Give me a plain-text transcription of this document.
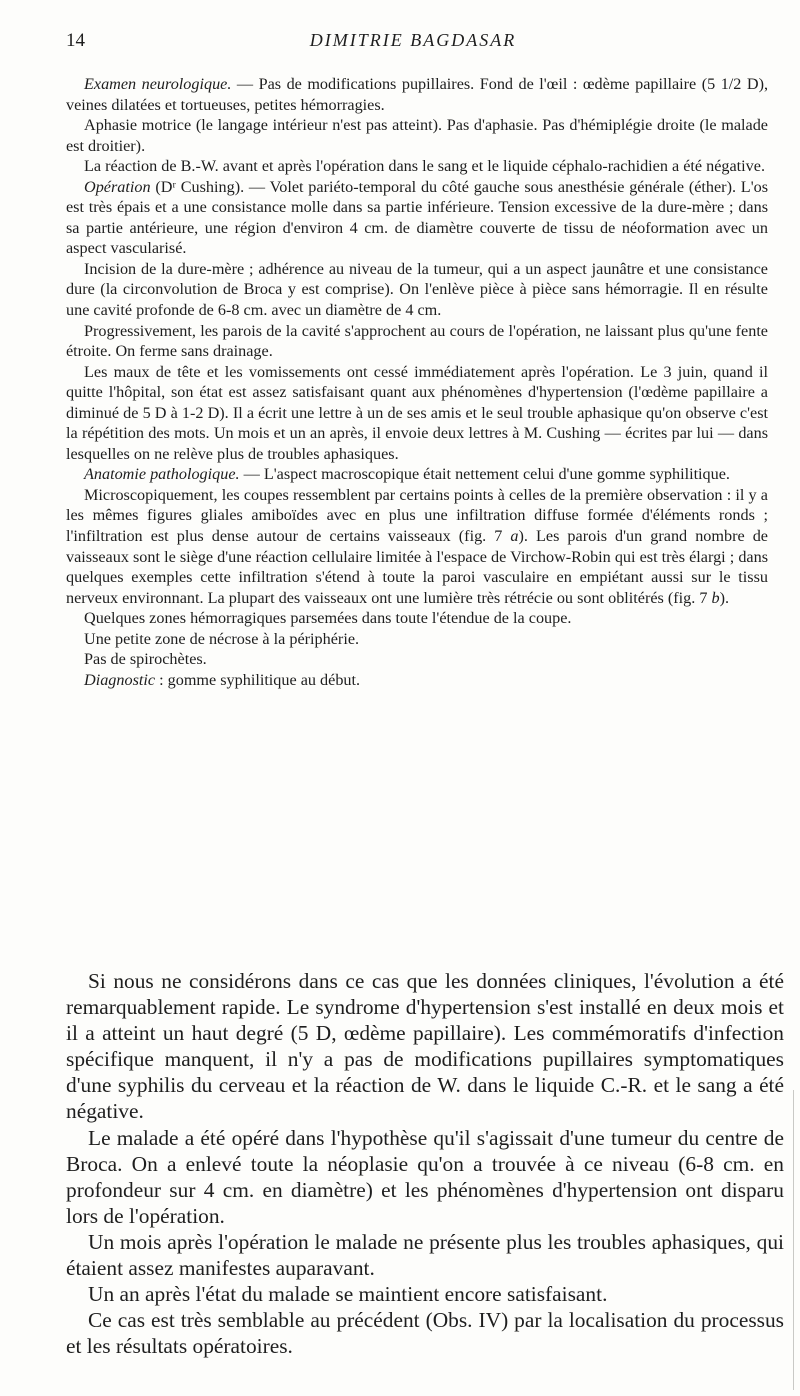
14	DIMITRIE BAGDASAR

Examen neurologique. — Pas de modifications pupillaires. Fond de l'œil : œdème papillaire (5 1/2 D), veines dilatées et tortueuses, petites hémorragies.

Aphasie motrice (le langage intérieur n'est pas atteint). Pas d'aphasie. Pas d'hémiplégie droite (le malade est droitier).

La réaction de B.-W. avant et après l'opération dans le sang et le liquide céphalo-rachidien a été négative.

Opération (Dʳ Cushing). — Volet pariéto-temporal du côté gauche sous anesthésie générale (éther). L'os est très épais et a une consistance molle dans sa partie inférieure. Tension excessive de la dure-mère ; dans sa partie antérieure, une région d'environ 4 cm. de diamètre couverte de tissu de néoformation avec un aspect vascularisé.

Incision de la dure-mère ; adhérence au niveau de la tumeur, qui a un aspect jaunâtre et une consistance dure (la circonvolution de Broca y est comprise). On l'enlève pièce à pièce sans hémorragie. Il en résulte une cavité profonde de 6-8 cm. avec un diamètre de 4 cm.

Progressivement, les parois de la cavité s'approchent au cours de l'opération, ne laissant plus qu'une fente étroite. On ferme sans drainage.

Les maux de tête et les vomissements ont cessé immédiatement après l'opération. Le 3 juin, quand il quitte l'hôpital, son état est assez satisfaisant quant aux phénomènes d'hypertension (l'œdème papillaire a diminué de 5 D à 1-2 D). Il a écrit une lettre à un de ses amis et le seul trouble aphasique qu'on observe c'est la répétition des mots. Un mois et un an après, il envoie deux lettres à M. Cushing — écrites par lui — dans lesquelles on ne relève plus de troubles aphasiques.

Anatomie pathologique. — L'aspect macroscopique était nettement celui d'une gomme syphilitique.

Microscopiquement, les coupes ressemblent par certains points à celles de la première observation : il y a les mêmes figures gliales amiboïdes avec en plus une infiltration diffuse formée d'éléments ronds ; l'infiltration est plus dense autour de certains vaisseaux (fig. 7 a). Les parois d'un grand nombre de vaisseaux sont le siège d'une réaction cellulaire limitée à l'espace de Virchow-Robin qui est très élargi ; dans quelques exemples cette infiltration s'étend à toute la paroi vasculaire en empiétant aussi sur le tissu nerveux environnant. La plupart des vaisseaux ont une lumière très rétrécie ou sont oblitérés (fig. 7 b).

Quelques zones hémorragiques parsemées dans toute l'étendue de la coupe.

Une petite zone de nécrose à la périphérie.

Pas de spirochètes.

Diagnostic : gomme syphilitique au début.

Si nous ne considérons dans ce cas que les données cliniques, l'évolution a été remarquablement rapide. Le syndrome d'hypertension s'est installé en deux mois et il a atteint un haut degré (5 D, œdème papillaire). Les commémoratifs d'infection spécifique manquent, il n'y a pas de modifications pupillaires symptomatiques d'une syphilis du cerveau et la réaction de W. dans le liquide C.-R. et le sang a été négative.

Le malade a été opéré dans l'hypothèse qu'il s'agissait d'une tumeur du centre de Broca. On a enlevé toute la néoplasie qu'on a trouvée à ce niveau (6-8 cm. en profondeur sur 4 cm. en diamètre) et les phénomènes d'hypertension ont disparu lors de l'opération.

Un mois après l'opération le malade ne présente plus les troubles aphasiques, qui étaient assez manifestes auparavant.

Un an après l'état du malade se maintient encore satisfaisant.

Ce cas est très semblable au précédent (Obs. IV) par la localisation du processus et les résultats opératoires.
